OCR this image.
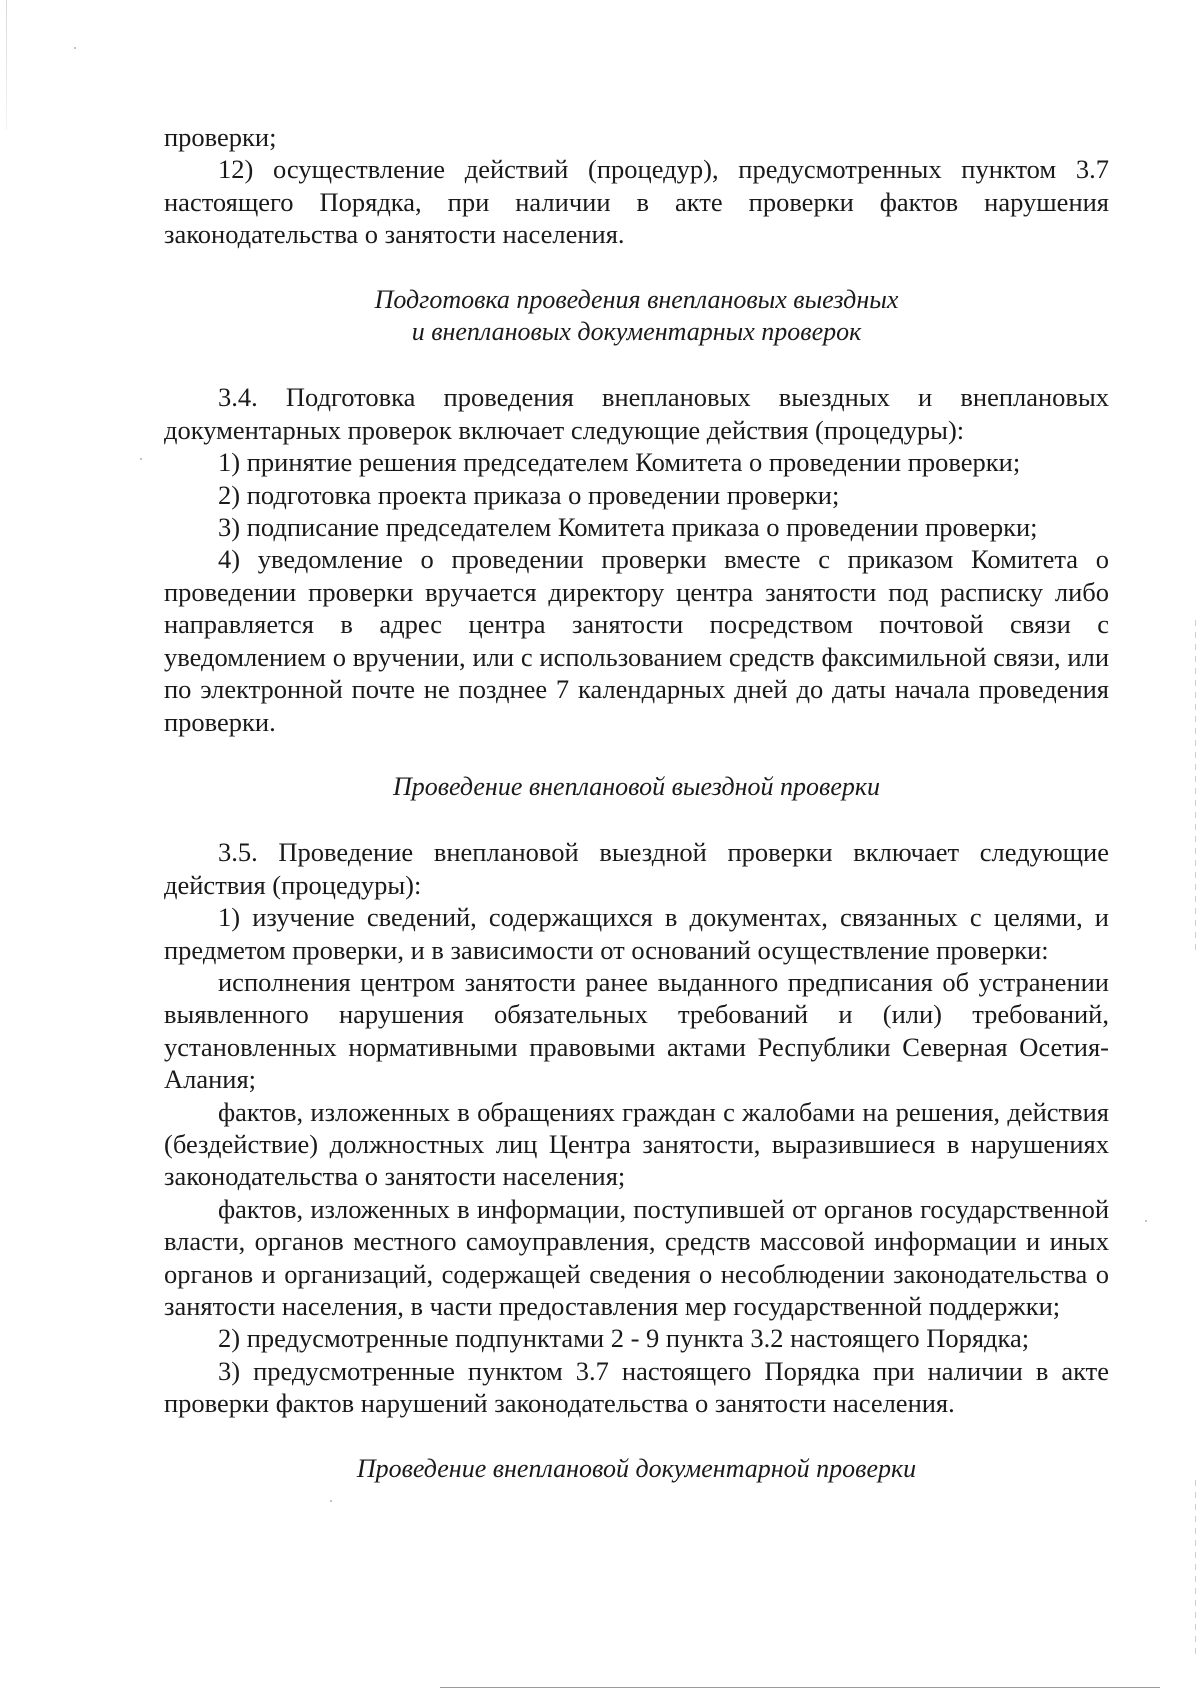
проверки;

12) осуществление действий (процедур), предусмотренных пунктом 3.7 настоящего Порядка, при наличии в акте проверки фактов нарушения законодательства о занятости населения.

Подготовка проведения внеплановых выездных
и внеплановых документарных проверок

3.4. Подготовка проведения внеплановых выездных и внеплановых документарных проверок включает следующие действия (процедуры):

1) принятие решения председателем Комитета о проведении проверки;

2) подготовка проекта приказа о проведении проверки;

3) подписание председателем Комитета приказа о проведении проверки;

4) уведомление о проведении проверки вместе с приказом Комитета о проведении проверки вручается директору центра занятости под расписку либо направляется в адрес центра занятости посредством почтовой связи с уведомлением о вручении, или с использованием средств факсимильной связи, или по электронной почте не позднее 7 календарных дней до даты начала проведения проверки.

Проведение внеплановой выездной проверки

3.5. Проведение внеплановой выездной проверки включает следующие действия (процедуры):

1) изучение сведений, содержащихся в документах, связанных с целями, и предметом проверки, и в зависимости от оснований осуществление проверки:

исполнения центром занятости ранее выданного предписания об устранении выявленного нарушения обязательных требований и (или) требований, установленных нормативными правовыми актами Республики Северная Осетия-Алания;

фактов, изложенных в обращениях граждан с жалобами на решения, действия (бездействие) должностных лиц Центра занятости, выразившиеся в нарушениях законодательства о занятости населения;

фактов, изложенных в информации, поступившей от органов государственной власти, органов местного самоуправления, средств массовой информации и иных органов и организаций, содержащей сведения о несоблюдении законодательства о занятости населения, в части предоставления мер государственной поддержки;

2) предусмотренные подпунктами 2 - 9 пункта 3.2 настоящего Порядка;

3) предусмотренные пунктом 3.7 настоящего Порядка при наличии в акте проверки фактов нарушений законодательства о занятости населения.

Проведение внеплановой документарной проверки
